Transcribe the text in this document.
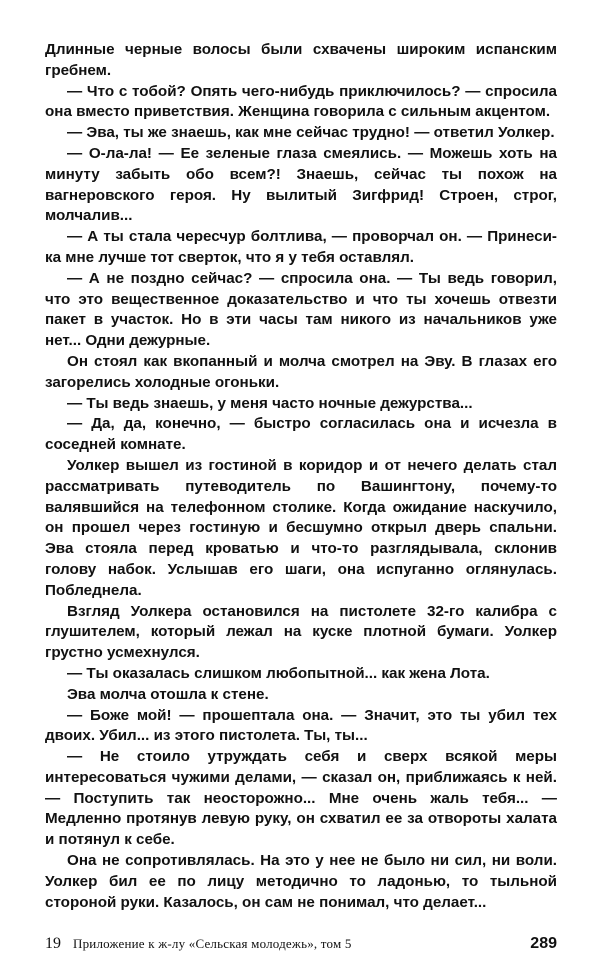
Длинные черные волосы были схвачены широким испанским гребнем.

— Что с тобой? Опять чего-нибудь приключилось? — спросила она вместо приветствия. Женщина говорила с сильным акцентом.

— Эва, ты же знаешь, как мне сейчас трудно! — ответил Уолкер.

— О-ла-ла! — Ее зеленые глаза смеялись. — Можешь хоть на минуту забыть обо всем?! Знаешь, сейчас ты похож на вагнеровского героя. Ну вылитый Зигфрид! Строен, строг, молчалив...

— А ты стала чересчур болтлива, — проворчал он. — Принеси-ка мне лучше тот сверток, что я у тебя оставлял.

— А не поздно сейчас? — спросила она. — Ты ведь говорил, что это вещественное доказательство и что ты хочешь отвезти пакет в участок. Но в эти часы там никого из начальников уже нет... Одни дежурные.

Он стоял как вкопанный и молча смотрел на Эву. В глазах его загорелись холодные огоньки.

— Ты ведь знаешь, у меня часто ночные дежурства...

— Да, да, конечно, — быстро согласилась она и исчезла в соседней комнате.

Уолкер вышел из гостиной в коридор и от нечего делать стал рассматривать путеводитель по Вашингтону, почему-то валявшийся на телефонном столике. Когда ожидание наскучило, он прошел через гостиную и бесшумно открыл дверь спальни. Эва стояла перед кроватью и что-то разглядывала, склонив голову набок. Услышав его шаги, она испуганно оглянулась. Побледнела.

Взгляд Уолкера остановился на пистолете 32-го калибра с глушителем, который лежал на куске плотной бумаги. Уолкер грустно усмехнулся.

— Ты оказалась слишком любопытной... как жена Лота.

Эва молча отошла к стене.

— Боже мой! — прошептала она. — Значит, это ты убил тех двоих. Убил... из этого пистолета. Ты, ты...

— Не стоило утруждать себя и сверх всякой меры интересоваться чужими делами, — сказал он, приближаясь к ней. — Поступить так неосторожно... Мне очень жаль тебя... — Медленно протянув левую руку, он схватил ее за отвороты халата и потянул к себе.

Она не сопротивлялась. На это у нее не было ни сил, ни воли. Уолкер бил ее по лицу методично то ладонью, то тыльной стороной руки. Казалось, он сам не понимал, что делает...

19 Приложение к ж-лу «Сельская молодежь», том 5	289
